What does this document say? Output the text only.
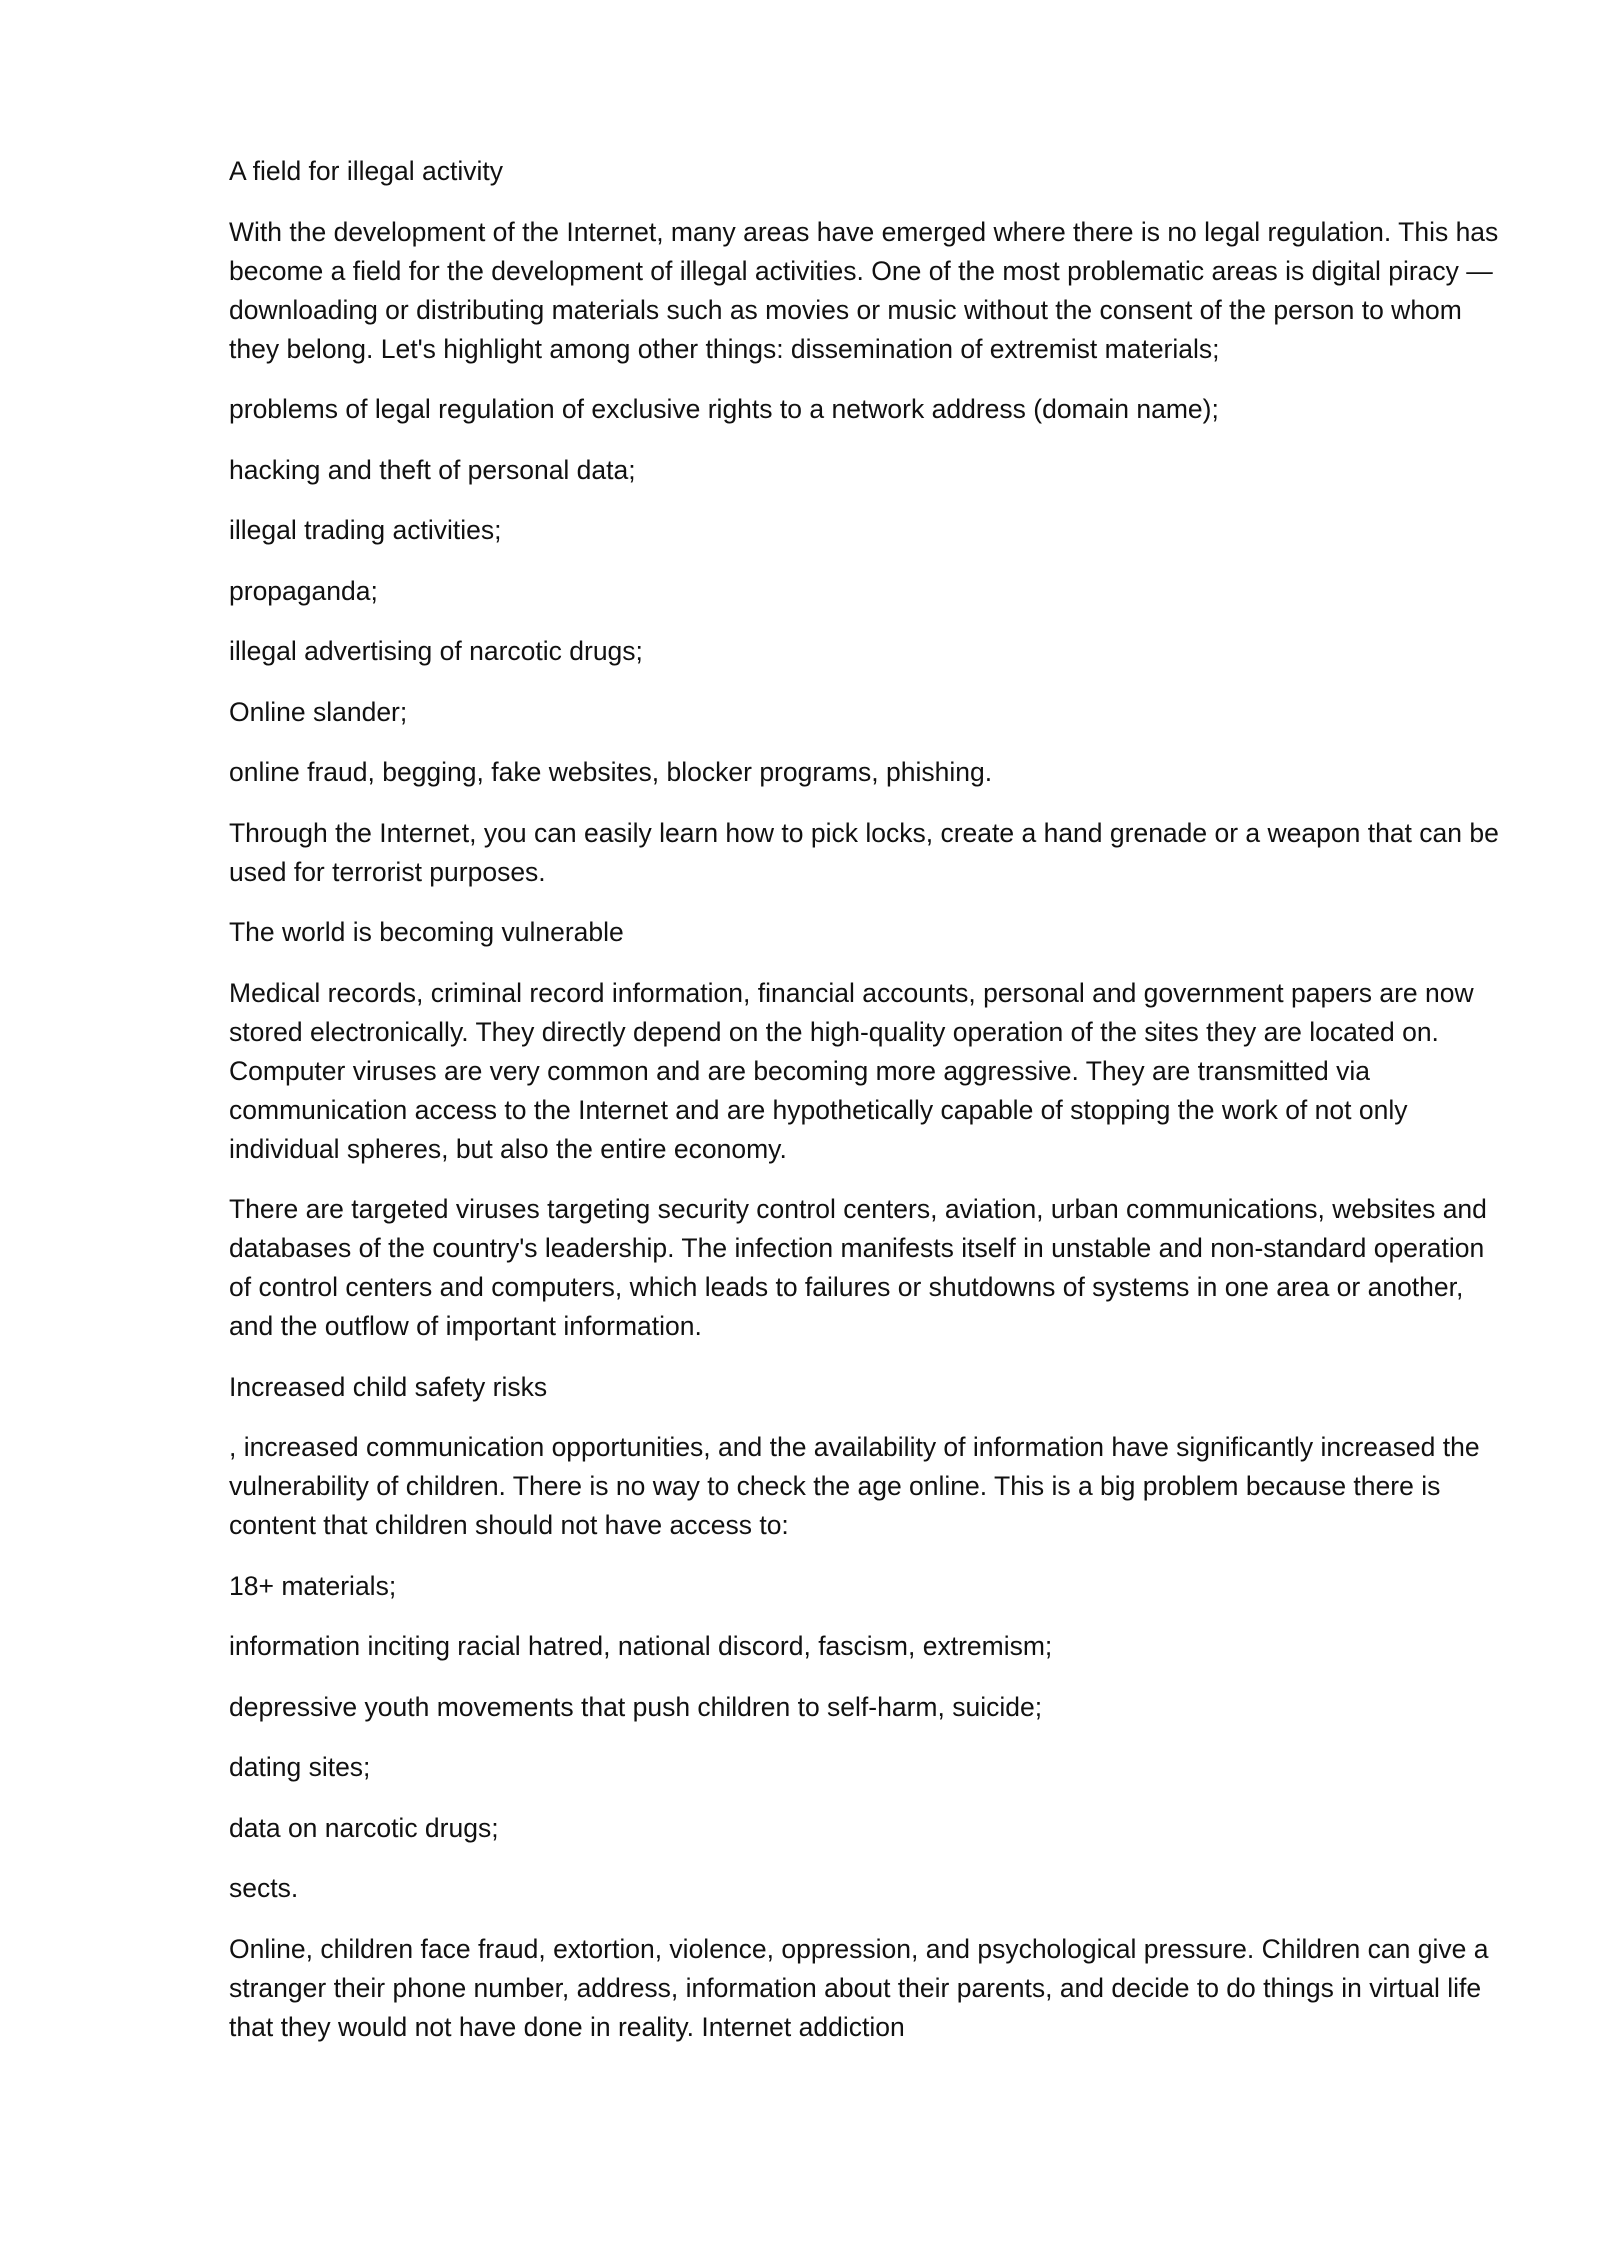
A field for illegal activity

With the development of the Internet, many areas have emerged where there is no legal regulation. This has become a field for the development of illegal activities. One of the most problematic areas is digital piracy — downloading or distributing materials such as movies or music without the consent of the person to whom they belong. Let's highlight among other things: dissemination of extremist materials;

problems of legal regulation of exclusive rights to a network address (domain name);

hacking and theft of personal data;

illegal trading activities;

propaganda;

illegal advertising of narcotic drugs;

Online slander;

online fraud, begging, fake websites, blocker programs, phishing.

Through the Internet, you can easily learn how to pick locks, create a hand grenade or a weapon that can be used for terrorist purposes.

The world is becoming vulnerable

Medical records, criminal record information, financial accounts, personal and government papers are now stored electronically. They directly depend on the high-quality operation of the sites they are located on. Computer viruses are very common and are becoming more aggressive. They are transmitted via communication access to the Internet and are hypothetically capable of stopping the work of not only individual spheres, but also the entire economy.

There are targeted viruses targeting security control centers, aviation, urban communications, websites and databases of the country's leadership. The infection manifests itself in unstable and non-standard operation of control centers and computers, which leads to failures or shutdowns of systems in one area or another, and the outflow of important information.

Increased child safety risks

, increased communication opportunities, and the availability of information have significantly increased the vulnerability of children. There is no way to check the age online. This is a big problem because there is content that children should not have access to:

18+ materials;

information inciting racial hatred, national discord, fascism, extremism;

depressive youth movements that push children to self-harm, suicide;

dating sites;

data on narcotic drugs;

sects.

Online, children face fraud, extortion, violence, oppression, and psychological pressure. Children can give a stranger their phone number, address, information about their parents, and decide to do things in virtual life that they would not have done in reality. Internet addiction
